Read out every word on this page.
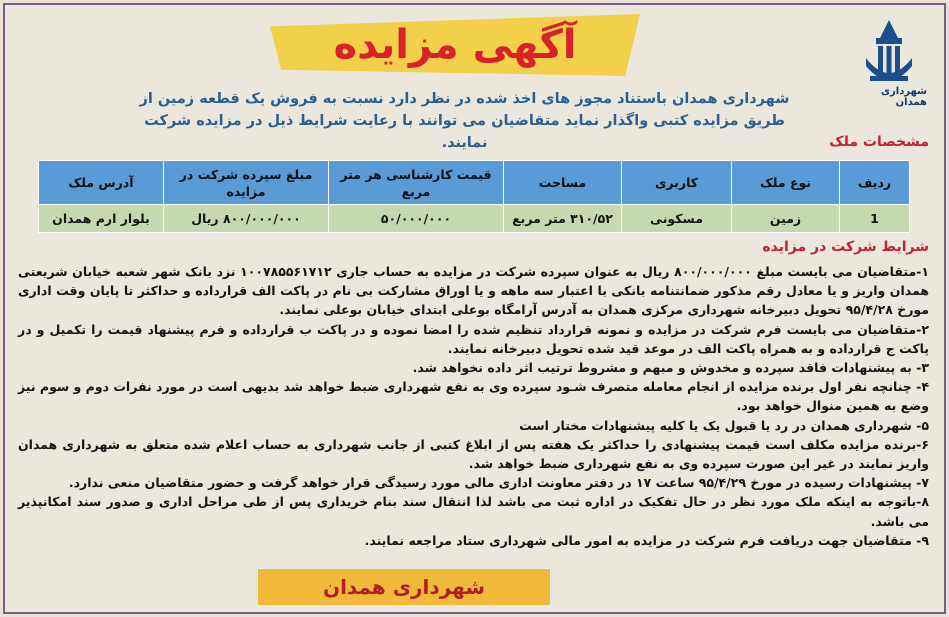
آگهی مزایده
شهرداری همدان
شهرداری همدان باستناد مجوز های اخذ شده در نظر دارد نسبت به فروش یک قطعه زمین از طریق مزایده کتبی واگذار نماید متقاضیان می توانند با رعایت شرایط ذیل در مزایده شرکت نمایند.	مشخصات ملک
ردیف	نوع ملک	کاربری	مساحت	قیمت کارشناسی هر متر مربع	مبلغ سپرده شرکت در مزایده	آدرس ملک
1	زمین	مسکونی	۳۱۰/۵۲ متر مربع	۵۰/۰۰۰/۰۰۰	۸۰۰/۰۰۰/۰۰۰ ریال	بلوار ارم همدان
شرایط شرکت در مزایده

۱-متقاضیان می بایست مبلغ ۸۰۰/۰۰۰/۰۰۰ ریال به عنوان سپرده شرکت در مزایده به حساب جاری ۱۰۰۷۸۵۵۶۱۷۱۲ نزد بانک شهر شعبه خیابان شریعتی همدان واریز و یا معادل رقم مذکور ضمانتنامه بانکی با اعتبار سه ماهه و یا اوراق مشارکت بی نام در پاکت الف قرارداده و حداکثر تا پایان وقت اداری مورخ ۹۵/۴/۲۸ تحویل دبیرخانه شهرداری مرکزی همدان به آدرس آرامگاه بوعلی ابتدای خیابان بوعلی نمایند.

۲-متقاضیان می بایست فرم شرکت در مزایده و نمونه قرارداد تنظیم شده را امضا نموده و در پاکت ب قرارداده و فرم پیشنهاد قیمت را تکمیل و در پاکت ج قرارداده و به همراه پاکت الف در موعد قید شده تحویل دبیرخانه نمایند.

۳- به پیشنهادات فاقد سپرده و مخدوش و مبهم و مشروط ترتیب اثر داده نخواهد شد.

۴- چنانچه نفر اول برنده مزایده از انجام معامله متصرف شـود سپرده وی به نفع شهرداری ضبط خواهد شد بدیهی است در مورد نفرات دوم و سوم نیز وضع به همین منوال خواهد بود.

۵- شهرداری همدان در رد یا قبول یک یا کلیه پیشنهادات مختار است

۶-برنده مزایده مکلف است قیمت پیشنهادی را حداکثر یک هفته پس از ابلاغ کتبی از جانب شهرداری به حساب اعلام شده متعلق به شهرداری همدان واریز نمایند در غیر این صورت سپرده وی به نفع شهرداری ضبط خواهد شد.

۷- پیشنهادات رسیده در مورخ ۹۵/۴/۲۹ ساعت ۱۷ در دفتر معاونت اداری مالی مورد رسیدگی قرار خواهد گرفت و حضور متقاضیان منعی ندارد.

۸-باتوجه به اینکه ملک مورد نظر در حال تفکیک در اداره ثبت می باشد لذا انتقال سند بنام خریداری پس از طی مراحل اداری و صدور سند امکانپذیر می باشد.

۹- متقاضیان جهت دریافت فرم شرکت در مزایده به امور مالی شهرداری ستاد مراجعه نمایند.

شهرداری همدان
